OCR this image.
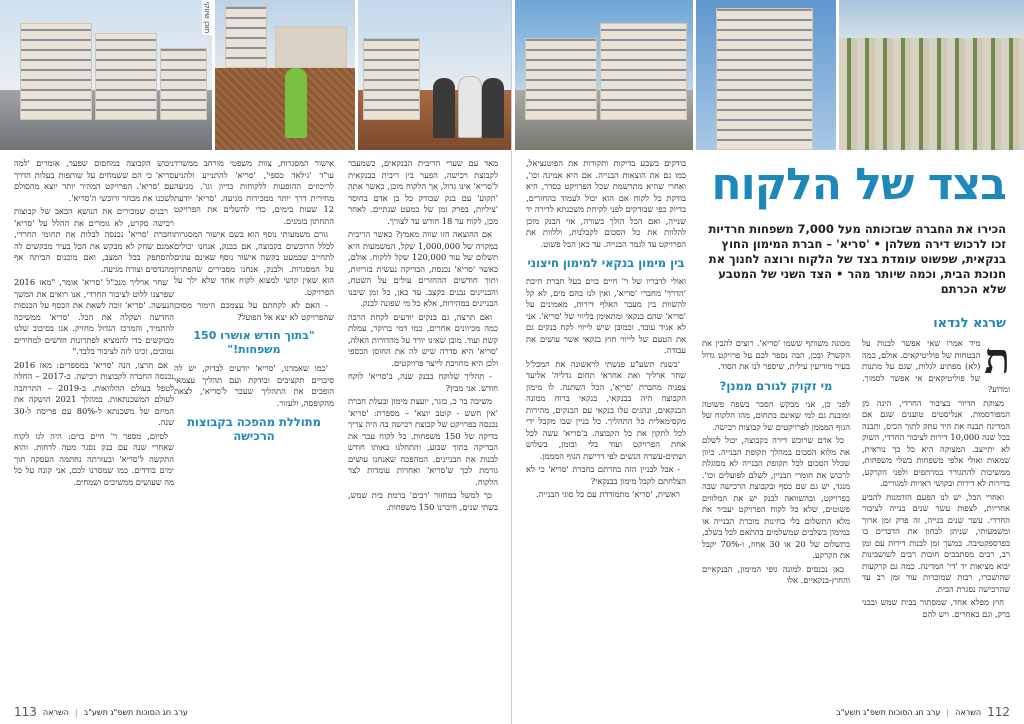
תוכן שיווקי

מאד עם שערי הריבית הבנקאים, כשמעבר לקבוצת רכישה, הפער בין ריבית בבנקאית ל'סריא' אינו גדול, אך הלקוח מוכן, כאשר אתה 'תקוע' עם בנק שבודק כל בן אדם בחוסר 'ציליות, בפרק זמן של כמעט שנתיים. לאחר מכן, לקוח עד 18 חודש עד לצורך.

אם ההוצאה הזו שווה מאמץ? כאשר הריבית במקרה של 1,000,000 שקל, המשמעות היא תשלום של עוד 120,000 שקל ללקוח. אולם, כאשר 'סריא' נכנסת, הבדיקה נעשית בזריזות, ותוך חודשים ההחזרים עולים על השטח, והבניינים נבנים בקצב. עד כאן, כל זמן שיבנו הבניינים במהירות, אלא כל מי שפונה לבנק.

ואם תרצה, גם בנקים יודעים לקחת הרבה כמה מכיוונים אחרים, כמו דמי ברוקר, עמלת קשת ועוד. מובן שאינו יורד על מהדורות האלה, 'סריא' היא סדרה שיש לה את החוסן הכספי ולכן היא מחויבת לייצר פרויקטים.

- תהליך שלוקח בבנק שנה, ב'סריא' לוקח חודש. אני מבין?

משיבה בר כ, בוגר, יועצת מימון ובעלת חברת 'אין חשש - קוטב יוצא' – מספרת: 'סריא' נכנסה בפרויקט של קבוצת רכישה בה היה צריך בדיקה של 150 משפחות. כל לקוח עבר את הבדיקה בתוך שבוע, והתחלנו באותו חודש לבנות את הבניינים. המהפכה שאנחנו עושים גורמת לכך ש'סריא' ואחרות עומדות לצד הלקוח.

כך למשל במחזור 'רבים' ברמת בית שמש, בשתי שנים, חיברנו 150 משפחות.

אישור המסגרות, צוות משפטי מורחב ממשרד עו"ד 'גילאד כספי', 'סריא' להתנייע ולהגיע לריכוזים ההופעות ללקוחות בדיון וגו'. מגיעה מחירית דרך יותר ממכירות מגיעה. 'סריא' יודעת 12 שעות בימים, כדי להשלים את הפרויקט התחתון בזמנים.

גורם משמעותי נוסף הוא בשם אישור המסגרות לכלל הרוכשים בקבוצה, אם בבנק, אנחנו יכולים לתחייב שבמעט בקשה אישור נוסף שאינם עונים על המסגרות. ולבנק, אנחנו מסבירים שהפתרון הוא שאין קושי למצוא לקוח אחד שלא ילך על הפרויקט.

- האם לא לקחתם על עצמכם הימור מסוכן שהפרויקט לא יצא אל הפועל?

"בתוך חודש אושרו 150 משפחות!"

'כמו שאמרנו, 'סריא' יודעים לבדוק, יש לה סיכויים תקציבים ובודקת ועם תהליך עצמאי הופכים את התהליך שעבר ל'סריא', לצאת מהקופסה, ולעזור.

מתוללת מהפכה בקבוצות הרכישה

ניבוש הקבוצה במחסום שפער, אומרים 'למה סריא' כי הם ששמחים על שותפות בעלות הדרך עם 'סריא'. הפרויקט המהיר יותר יוצא מהסולם לשכנו את מבחר ורוכשי ה'סריא'.

רבנים שמכירים את הנושא הכאב של קבוצות רכישה סקרט, לא גומרים את ההלל על 'סריא' וחברת 'סריא' נכנסה לבלות את תחומי החרדי, אמנם שחק לא מבקש את הכל בעיר מבקשים לה להסתפק בכל המצב, ואם מוכנים הביתה אף מהנדסים וצורה מגיעה.

שחר ארליך מנכ"ל 'סריא' אומר, "מאז 2016 שפרצנו ללוט לציבור החרדי, אנו רואים את המשך הנעשה. 'סריא' זוכה לשאת את הכסף על הכנסות החדשה ושקלה את הכל. 'סריא' ממשיכה להתמיד, והמרכז הגדול מחזיק. אנו בסיבוב שלנו מבוקשים כדי להמציא לפתרונות חדשים למחירים נמוכים, זכינו לזה לציבור בלבד."

אם תרצו, הנה 'סריא' במספרים: מאז 2016 נכנסה החברה לקבוצות רכישה. ב-2017 – החלה לטפל בעולם ההלוואות. ב-2019 – התרחבה לעולם המשכנתאות. במהלך 2021 הושקה את המיזם של משכנתא ל-80% עם פריסה ל-30 שנה.

לסיום, מספר ר' חיים בוים: היה לנו לקוח שאחרי שנה עם בנק נסגר מטה לדחות. והוא התקשה ל'סריא' ובעזרתה נחתמה העסקה תוך ימים בודדים. כמו שמסרנו לכם, אני קונה על כל מה שעושים ממשיכים ושמחים.

113 השראה | ערב חג הסוכות תשפ"ג תשע"ב
בצד של הלקוח
הכירו את החברה שבזכותה מעל 7,000 משפחות חרדיות זכו לרכוש דירה משלהן • 'סריא' – חברת המימון החוץ בנקאית, שפשוט עומדת בצד של הלקוח ורוצה לחנוך את חנוכת הבית, וכמה שיותר מהר • הצד השני של המטבע שלא הכרתם
שרגא לנדאו

ת
מיד אמרו שאי אפשר לבנות על הבטחות של פוליטיקאים. אולם, כמה (לא) מפתיע לגלות, שגם על מתנות של פוליטיקאים אי אפשר לסמוך. ומדוע?

מצוקת הדיור בציבור החרדי, הינה מן המפורסמות. אנליסטים טוענים שגם אם המדינה תבנה את היד עתק לתוך הכיס, ותבנה בכל שנה 10,000 דירות לציבור החרדי, השוק לא יתייצב. המצוקה היא כל כך נוראית, שמאות ואולי אלפי משפחות בשלי משפחות, ממשיכות להתגורר במרתפים ולפני הקרקע, בדירות לא דירות ובקושי ראויות למגורים.

ואחרי הכל, יש לנו הפעם הזדמנות להביע אחריות, לצפות עשר שנים בנייה לציבור החרדי. עשר שנים בנייה, זה פרק זמן ארוך ומשמעותי, שניתן לבחון את הדברים בו בפרספקטיבה. במשך זמן לבנות דירות עם זמן רב, רבים מסתבכים חובות רבים לשושבינות יבוא מציאות יד 'די' המדינה. כמה גם קרקעות שהושכרו, רבות שמוכרות עוד זמן רב עד שהרכישה נסגרת הבית.

חוץ מפלא אחד, שמסתור בבית שמש ובבני ברק, וגם באחרים. ויש להם

מכונה משותף ששמו 'סריא'. רוצים להבין את הקשר? ובכן, הבה נספר לכם על פרויקט גדול בעיר מודיעין עילית, שיספר לנו את הסוד.

מי זקוק לגורם ממנן?

לפני כן, אני מבקש הסבר בשפה פשוטה ומובנת גם למי שאינם בתחום, מהו הלקוח של הגוף המממן לפרויקטים של קבוצות רכישה.

כל אדם שרוכש דירה בקבוצה, יכול לשלם את מלוא הסכום במהלך תקופת הבנייה. כיוון שכלל הסכום לכל תקופת הבנייה לא מסוגלת לרכוש את חומרי הבניין, לשלם לפועלים וכו'. מנגד, יש גם שם כסף ובקבוצת הרכישה שבה בפרויקט, ובהשוואה לבנק יש את המלווים פשוטים, שלא כל לקוח הפרויקט יעביר את מלא התשלום בלי בחינות מוכרת הבנייה או במימון בשלבים שמשלמים בהתאם לכל בשלב, בתשלום של 20 או 30 אחוז, ו-70% יקבל את הקרקע.

כאן נכנסים למונה גופי המימון, הבנקאיים והחוץ-בנקאיים. אלו

בודקים בשבע בדיקות ותקורות את הפוטנציאל, כמו גם את הוצאות הבנייה. אם היא אמינה וכו', ואחרי שהיא מתרשמת שכל הפרויקט בסדר, היא בודקת כל לקוח אם הוא יכול לעמוד בהחזרים, בדיוק כפי שבודקים לפני לקיחת משכנתא לדירה יד שנייה, ואם הכל הולך כשורה, אזי הבנק מוכן להלוות את כל הסכום לקבלנות, וללוות את הפרויקט עד לגמר הבנייה. עד כאן הכל פשוט.

בין מימון בנקאי למימון חיצוני

ואולי לדבריו של ר' חיים בוים בעל חברת חיבת 'הדרך' מחברי 'סריא', ואין לנו בהם מים, לא קל להשוות בין מעבר האלף דירות, מאמינים על 'סריא' שהם בנקאי ומתאימן בליווי של 'סריא'. אני לא אגיד עובד, וכמובן שיש לייווי לקח בנקים גם את הטעם של לייווי חוץ בנקאי אשר עושים את עבודה.

'בשנת תשע"ע פנשתי לראשונה את המכל'ל שחר ארליך ואת אחראי תחום גדליה' אליעד צפניה מחברת 'סריא', הכל השתנה. לו מימון הקבוצה היה בבנקאי, בנקאי ברוח ממונה הבנקאים, ונהגים עלו בנקאי עם הבנקים, מהירות מקסימאלית כל התהליך. כל בניין שבו מקבל ידי לכל לתקון את כל הקבוצה. ב'סריא' עשה לכל אחת הפרויקט ועוד בלי ובזמן, בשלוש ושתים-עשרה הנשים לפי דרישת הגוף המממן.

- אבל לבניין הזה בחרתם בחברת 'סריא' כי לא הצלחתם לקבל מימון בבנקאי?

ראשית, 'סריא' מתמודדת עם כל סוגי הבנייה.

112
השראה
|
ערב חג הסוכות תשפ"ג תשע"ב
